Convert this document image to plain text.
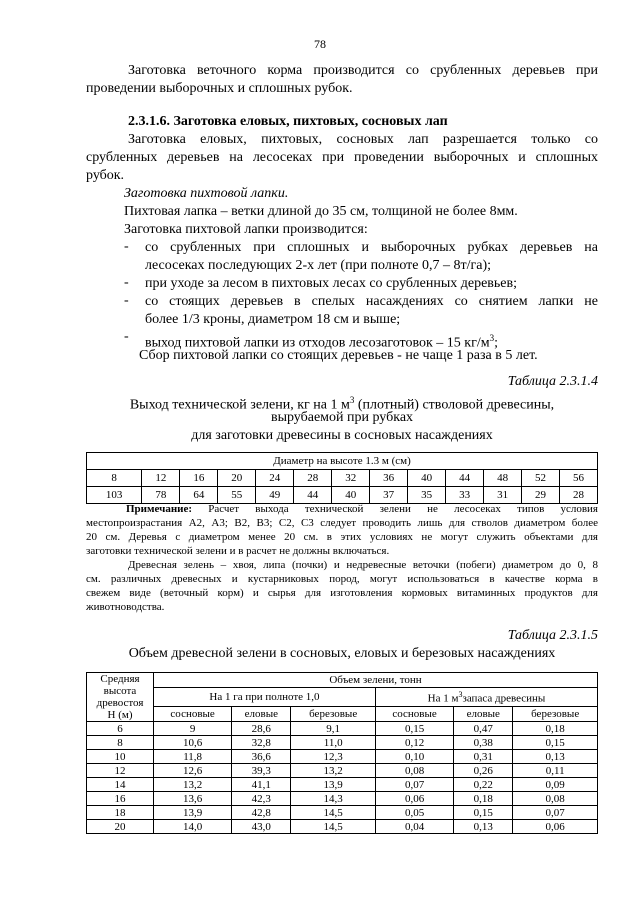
78
Заготовка веточного корма производится со срубленных деревьев при
проведении выборочных и сплошных рубок.
2.3.1.6. Заготовка еловых, пихтовых, сосновых лап
Заготовка еловых, пихтовых, сосновых лап разрешается только со
срубленных деревьев на лесосеках при проведении выборочных и сплошных
рубок.
Заготовка пихтовой лапки.
Пихтовая лапка – ветки длиной до 35 см, толщиной не более 8мм.
Заготовка пихтовой лапки производится:
- со срубленных при сплошных и выборочных рубках деревьев на
лесосеках последующих 2-х лет (при полноте 0,7 – 8т/га);
- при уходе за лесом в пихтовых лесах со срубленных деревьев;
- со стоящих деревьев в спелых насаждениях со снятием лапки не
более 1/3 кроны, диаметром 18 см и выше;
- выход пихтовой лапки из отходов лесозаготовок – 15 $кг/м^3$;
Сбор пихтовой лапки со стоящих деревьев - не чаще 1 раза в 5 лет.
Таблица 2.3.1.4
Выход технической зелени, кг на 1 $м^3$ (плотный) стволовой древесины,
вырубаемой при рубках
для заготовки древесины в сосновых насаждениях
Диаметр на высоте 1.3 м (см)												
8	12	16	20	24	28	32	36	40	44	48	52	56
103	78	64	55	49	44	40	37	35	33	31	29	28
Примечание: Расчет выхода технической зелени не лесосеках типов условия
местопроизрастания А2, А3; В2, В3; С2, С3 следует проводить лишь для стволов диаметром более
20 см. Деревья с диаметром менее 20 см. в этих условиях не могут служить объектами для
заготовки технической зелени и в расчет не должны включаться.
Древесная зелень – хвоя, липа (почки) и недревесные веточки (побеги) диаметром до 0, 8
см. различных древесных и кустарниковых пород, могут использоваться в качестве корма в
свежем виде (веточный корм) и сырья для изготовления кормовых витаминных продуктов для
животноводства.
Таблица 2.3.1.5
Объем древесной зелени в сосновых, еловых и березовых насаждениях
Средняя
высота
древостоя
Н (м)	Объем зелени, тонн					
	На 1 га при полноте 1,0			На 1 $м^3запаса$ древесины		
	сосновые	еловые	березовые	сосновые	еловые	березовые
6	9	28,6	9,1	0,15	0,47	0,18
8	10,6	32,8	11,0	0,12	0,38	0,15
10	11,8	36,6	12,3	0,10	0,31	0,13
12	12,6	39,3	13,2	0,08	0,26	0,11
14	13,2	41,1	13,9	0,07	0,22	0,09
16	13,6	42,3	14,3	0,06	0,18	0,08
18	13,9	42,8	14,5	0,05	0,15	0,07
20	14,0	43,0	14,5	0,04	0,13	0,06
